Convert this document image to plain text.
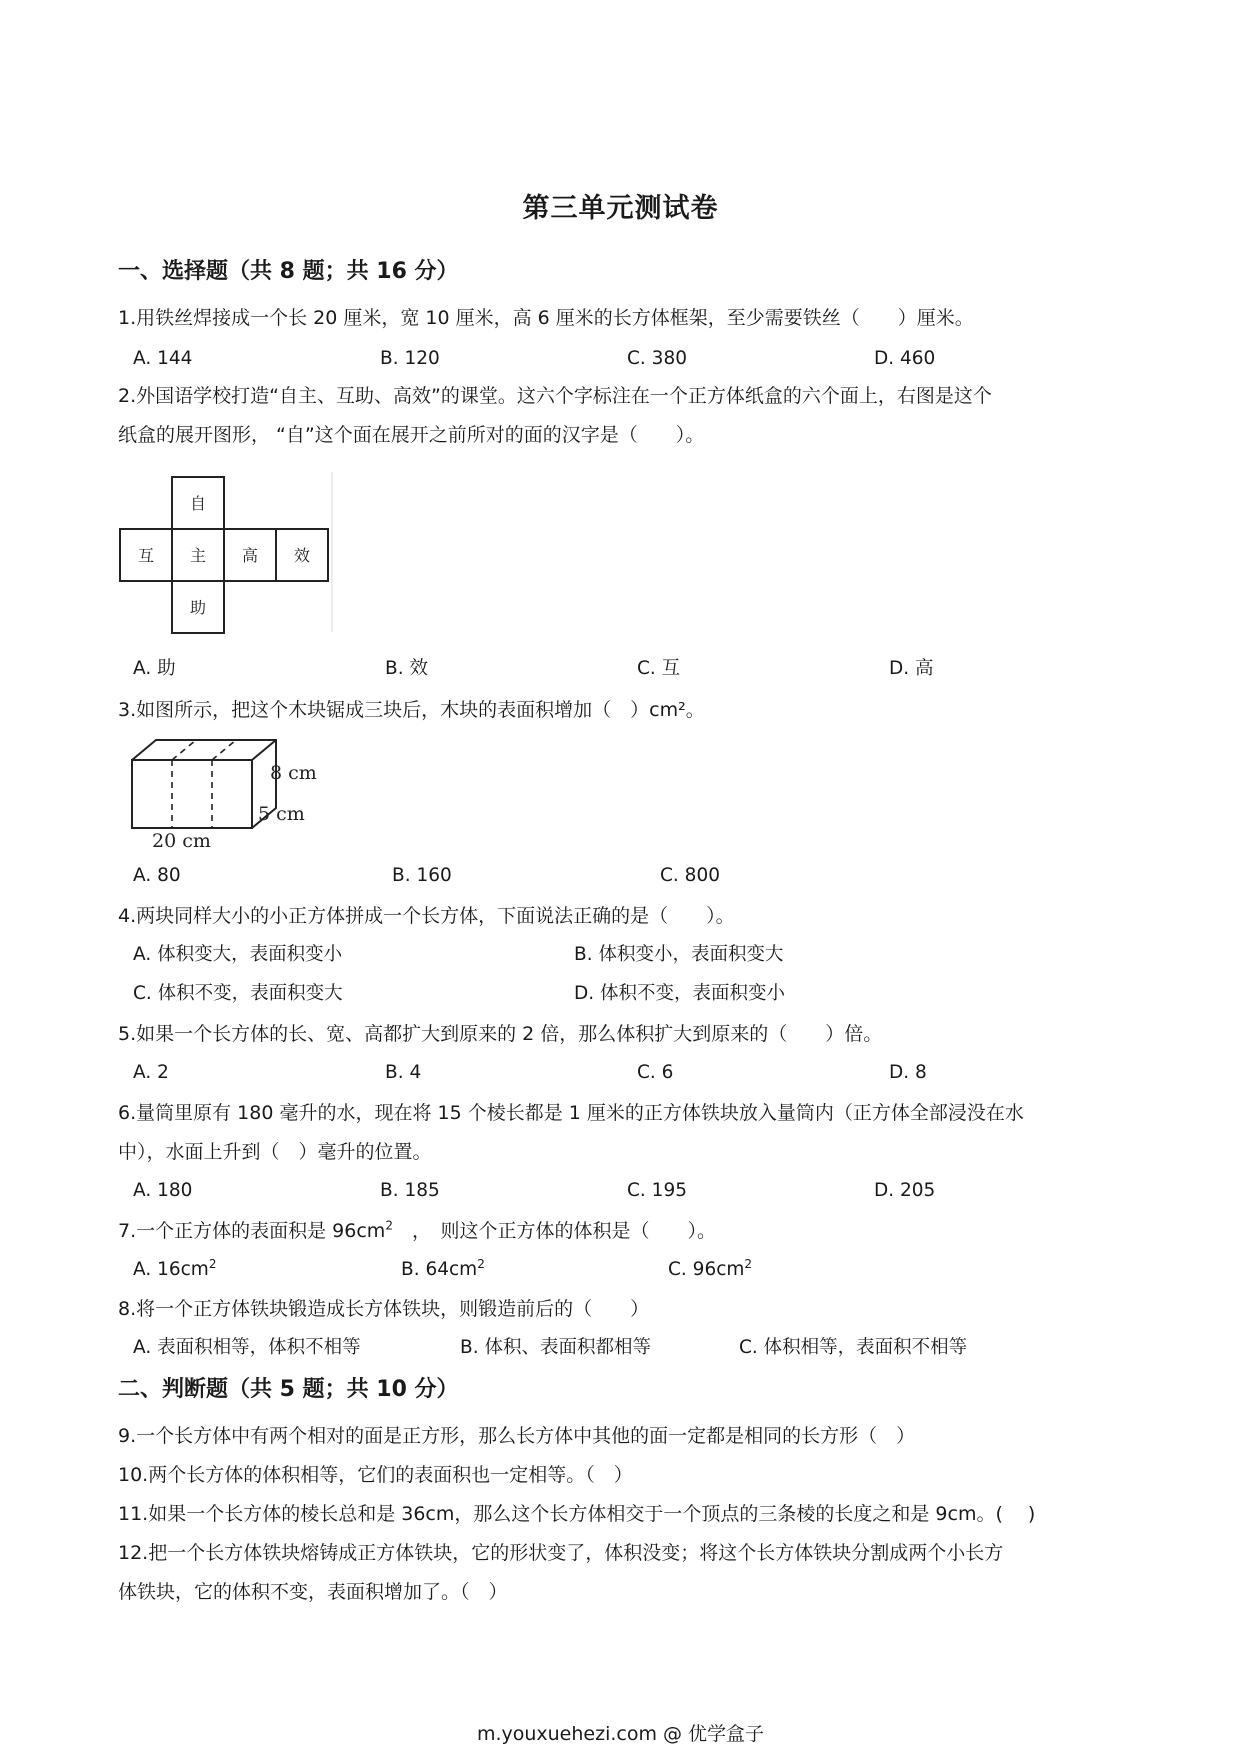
第三单元测试卷
一、选择题（共 8 题；共 16 分）
1.用铁丝焊接成一个长 20 厘米，宽 10 厘米，高 6 厘米的长方体框架，至少需要铁丝（　　）厘米。
A. 144	B. 120	C. 380	D. 460
2.外国语学校打造“自主、互助、高效”的课堂。这六个字标注在一个正方体纸盒的六个面上，右图是这个
纸盒的展开图形， “自”这个面在展开之前所对的面的汉字是（　　）。
自
互 主 高 效
助
A. 助	B. 效	C. 互	D. 高
3.如图所示，把这个木块锯成三块后，木块的表面积增加（　）cm²。
8 cm
5 cm
20 cm
A. 80	B. 160	C. 800
4.两块同样大小的小正方体拼成一个长方体，下面说法正确的是（　　）。
A. 体积变大，表面积变小	B. 体积变小，表面积变大
C. 体积不变，表面积变大	D. 体积不变，表面积变小
5.如果一个长方体的长、宽、高都扩大到原来的 2 倍，那么体积扩大到原来的（　　）倍。
A. 2	B. 4	C. 6	D. 8
6.量筒里原有 180 毫升的水，现在将 15 个棱长都是 1 厘米的正方体铁块放入量筒内（正方体全部浸没在水
中），水面上升到（　）毫升的位置。
A. 180	B. 185	C. 195	D. 205
7.一个正方体的表面积是 $96cm^2$　，　则这个正方体的体积是（　　）。
A. $16cm^2$	B. $64cm^2$	C. $96cm^2$
8.将一个正方体铁块锻造成长方体铁块，则锻造前后的（　　）
A. 表面积相等，体积不相等	B. 体积、表面积都相等	C. 体积相等，表面积不相等
二、判断题（共 5 题；共 10 分）
9.一个长方体中有两个相对的面是正方形，那么长方体中其他的面一定都是相同的长方形（　）
10.两个长方体的体积相等，它们的表面积也一定相等。（　）
11.如果一个长方体的棱长总和是 36cm，那么这个长方体相交于一个顶点的三条棱的长度之和是 9cm。(　 )
12.把一个长方体铁块熔铸成正方体铁块，它的形状变了，体积没变；将这个长方体铁块分割成两个小长方
体铁块，它的体积不变，表面积增加了。（　）
m.youxuehezi.com @ 优学盒子
